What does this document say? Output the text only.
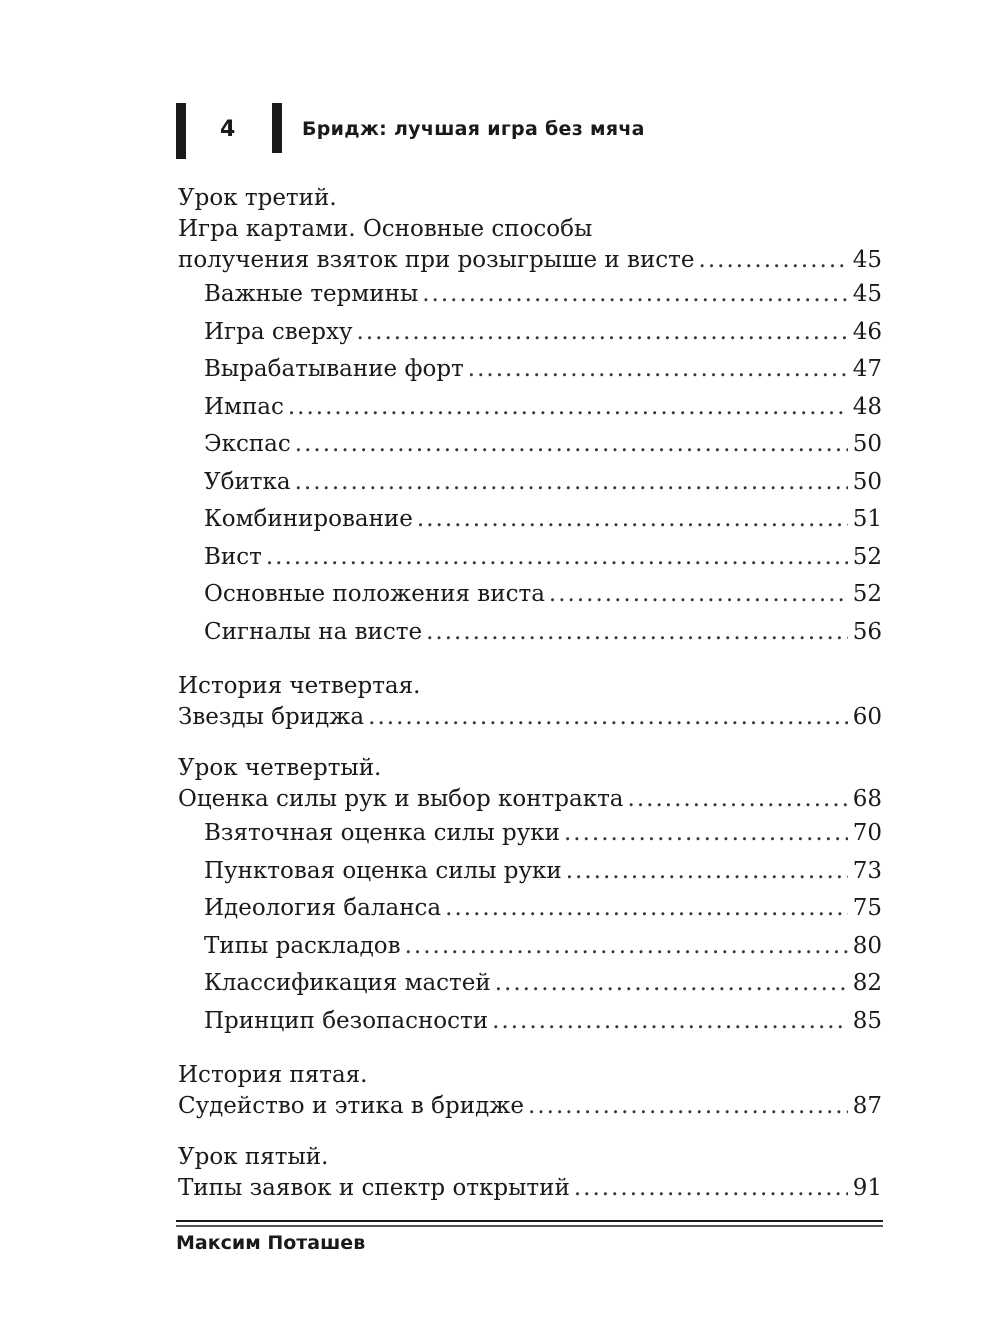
4	Бридж: лучшая игра без мяча
Урок третий.
Игра картами. Основные способы
получения взяток при розыгрыше и висте .....	45
Важные термины .....	45
Игра сверху .....	46
Вырабатывание форт .....	47
Импас .....	48
Экспас .....	50
Убитка .....	50
Комбинирование .....	51
Вист .....	52
Основные положения виста .....	52
Сигналы на висте .....	56
История четвертая.
Звезды бриджа .....	60
Урок четвертый.
Оценка силы рук и выбор контракта .....	68
Взяточная оценка силы руки .....	70
Пунктовая оценка силы руки .....	73
Идеология баланса .....	75
Типы раскладов .....	80
Классификация мастей .....	82
Принцип безопасности .....	85
История пятая.
Судейство и этика в бридже .....	87
Урок пятый.
Типы заявок и спектр открытий .....	91
Максим Поташев
